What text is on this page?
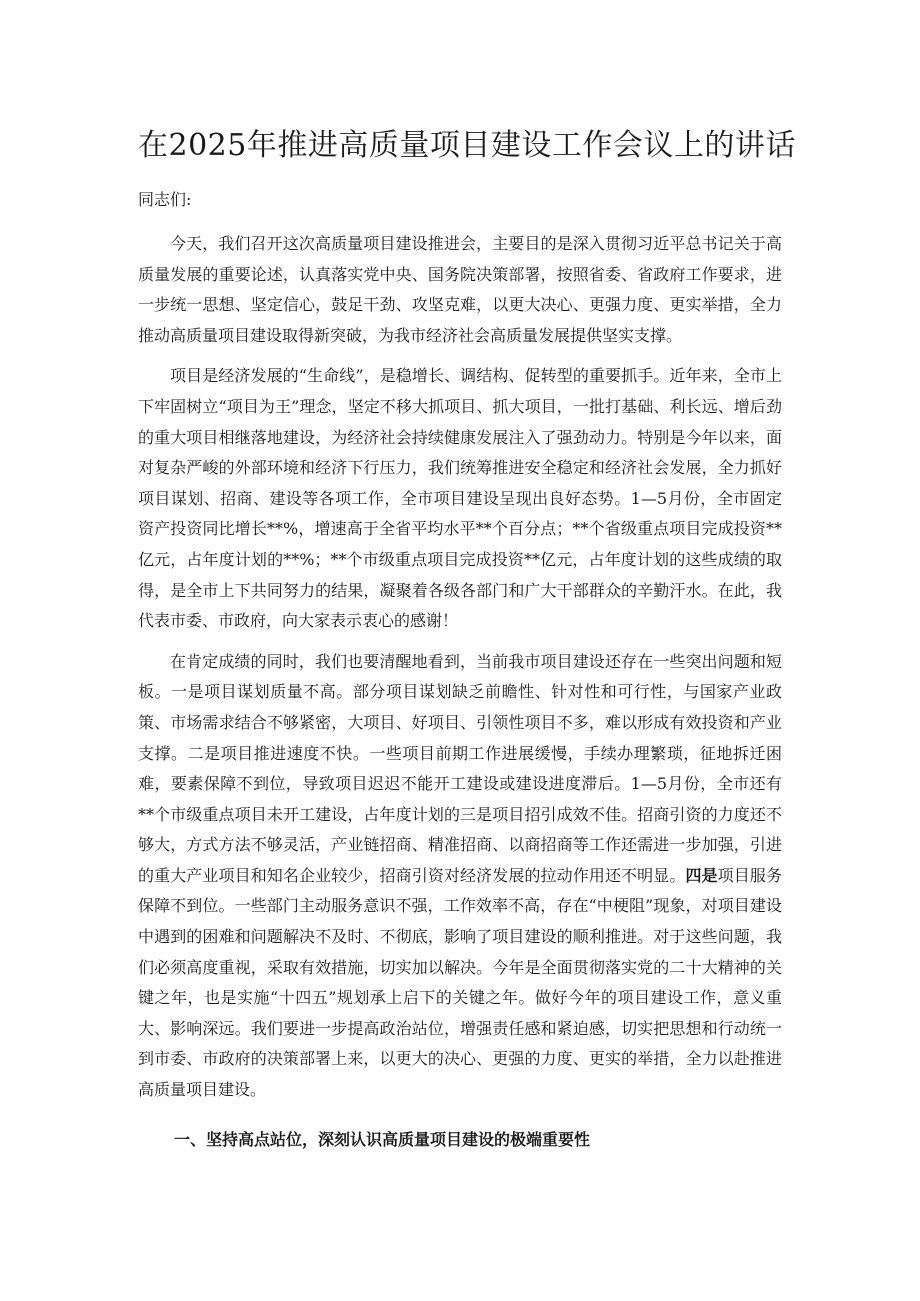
在2025年推进高质量项目建设工作会议上的讲话

同志们:

今天，我们召开这次高质量项目建设推进会，主要目的是深入贯彻习近平总书记关于高质量发展的重要论述，认真落实党中央、国务院决策部署，按照省委、省政府工作要求，进一步统一思想、坚定信心，鼓足干劲、攻坚克难，以更大决心、更强力度、更实举措，全力推动高质量项目建设取得新突破，为我市经济社会高质量发展提供坚实支撑。

项目是经济发展的“生命线”，是稳增长、调结构、促转型的重要抓手。近年来，全市上下牢固树立“项目为王”理念，坚定不移大抓项目、抓大项目，一批打基础、利长远、增后劲的重大项目相继落地建设，为经济社会持续健康发展注入了强劲动力。特别是今年以来，面对复杂严峻的外部环境和经济下行压力，我们统筹推进安全稳定和经济社会发展，全力抓好项目谋划、招商、建设等各项工作，全市项目建设呈现出良好态势。1—5月份，全市固定资产投资同比增长**%，增速高于全省平均水平**个百分点；**个省级重点项目完成投资**亿元，占年度计划的**%；**个市级重点项目完成投资**亿元，占年度计划的这些成绩的取得，是全市上下共同努力的结果，凝聚着各级各部门和广大干部群众的辛勤汗水。在此，我代表市委、市政府，向大家表示衷心的感谢！

在肯定成绩的同时，我们也要清醒地看到，当前我市项目建设还存在一些突出问题和短板。一是项目谋划质量不高。部分项目谋划缺乏前瞻性、针对性和可行性，与国家产业政策、市场需求结合不够紧密，大项目、好项目、引领性项目不多，难以形成有效投资和产业支撑。二是项目推进速度不快。一些项目前期工作进展缓慢，手续办理繁琐，征地拆迁困难，要素保障不到位，导致项目迟迟不能开工建设或建设进度滞后。1—5月份，全市还有**个市级重点项目未开工建设，占年度计划的三是项目招引成效不佳。招商引资的力度还不够大，方式方法不够灵活，产业链招商、精准招商、以商招商等工作还需进一步加强，引进的重大产业项目和知名企业较少，招商引资对经济发展的拉动作用还不明显。四是项目服务保障不到位。一些部门主动服务意识不强，工作效率不高，存在“中梗阻”现象，对项目建设中遇到的困难和问题解决不及时、不彻底，影响了项目建设的顺利推进。对于这些问题，我们必须高度重视，采取有效措施，切实加以解决。今年是全面贯彻落实党的二十大精神的关键之年，也是实施“十四五”规划承上启下的关键之年。做好今年的项目建设工作，意义重大、影响深远。我们要进一步提高政治站位，增强责任感和紧迫感，切实把思想和行动统一到市委、市政府的决策部署上来，以更大的决心、更强的力度、更实的举措，全力以赴推进高质量项目建设。

一、坚持高点站位，深刻认识高质量项目建设的极端重要性
